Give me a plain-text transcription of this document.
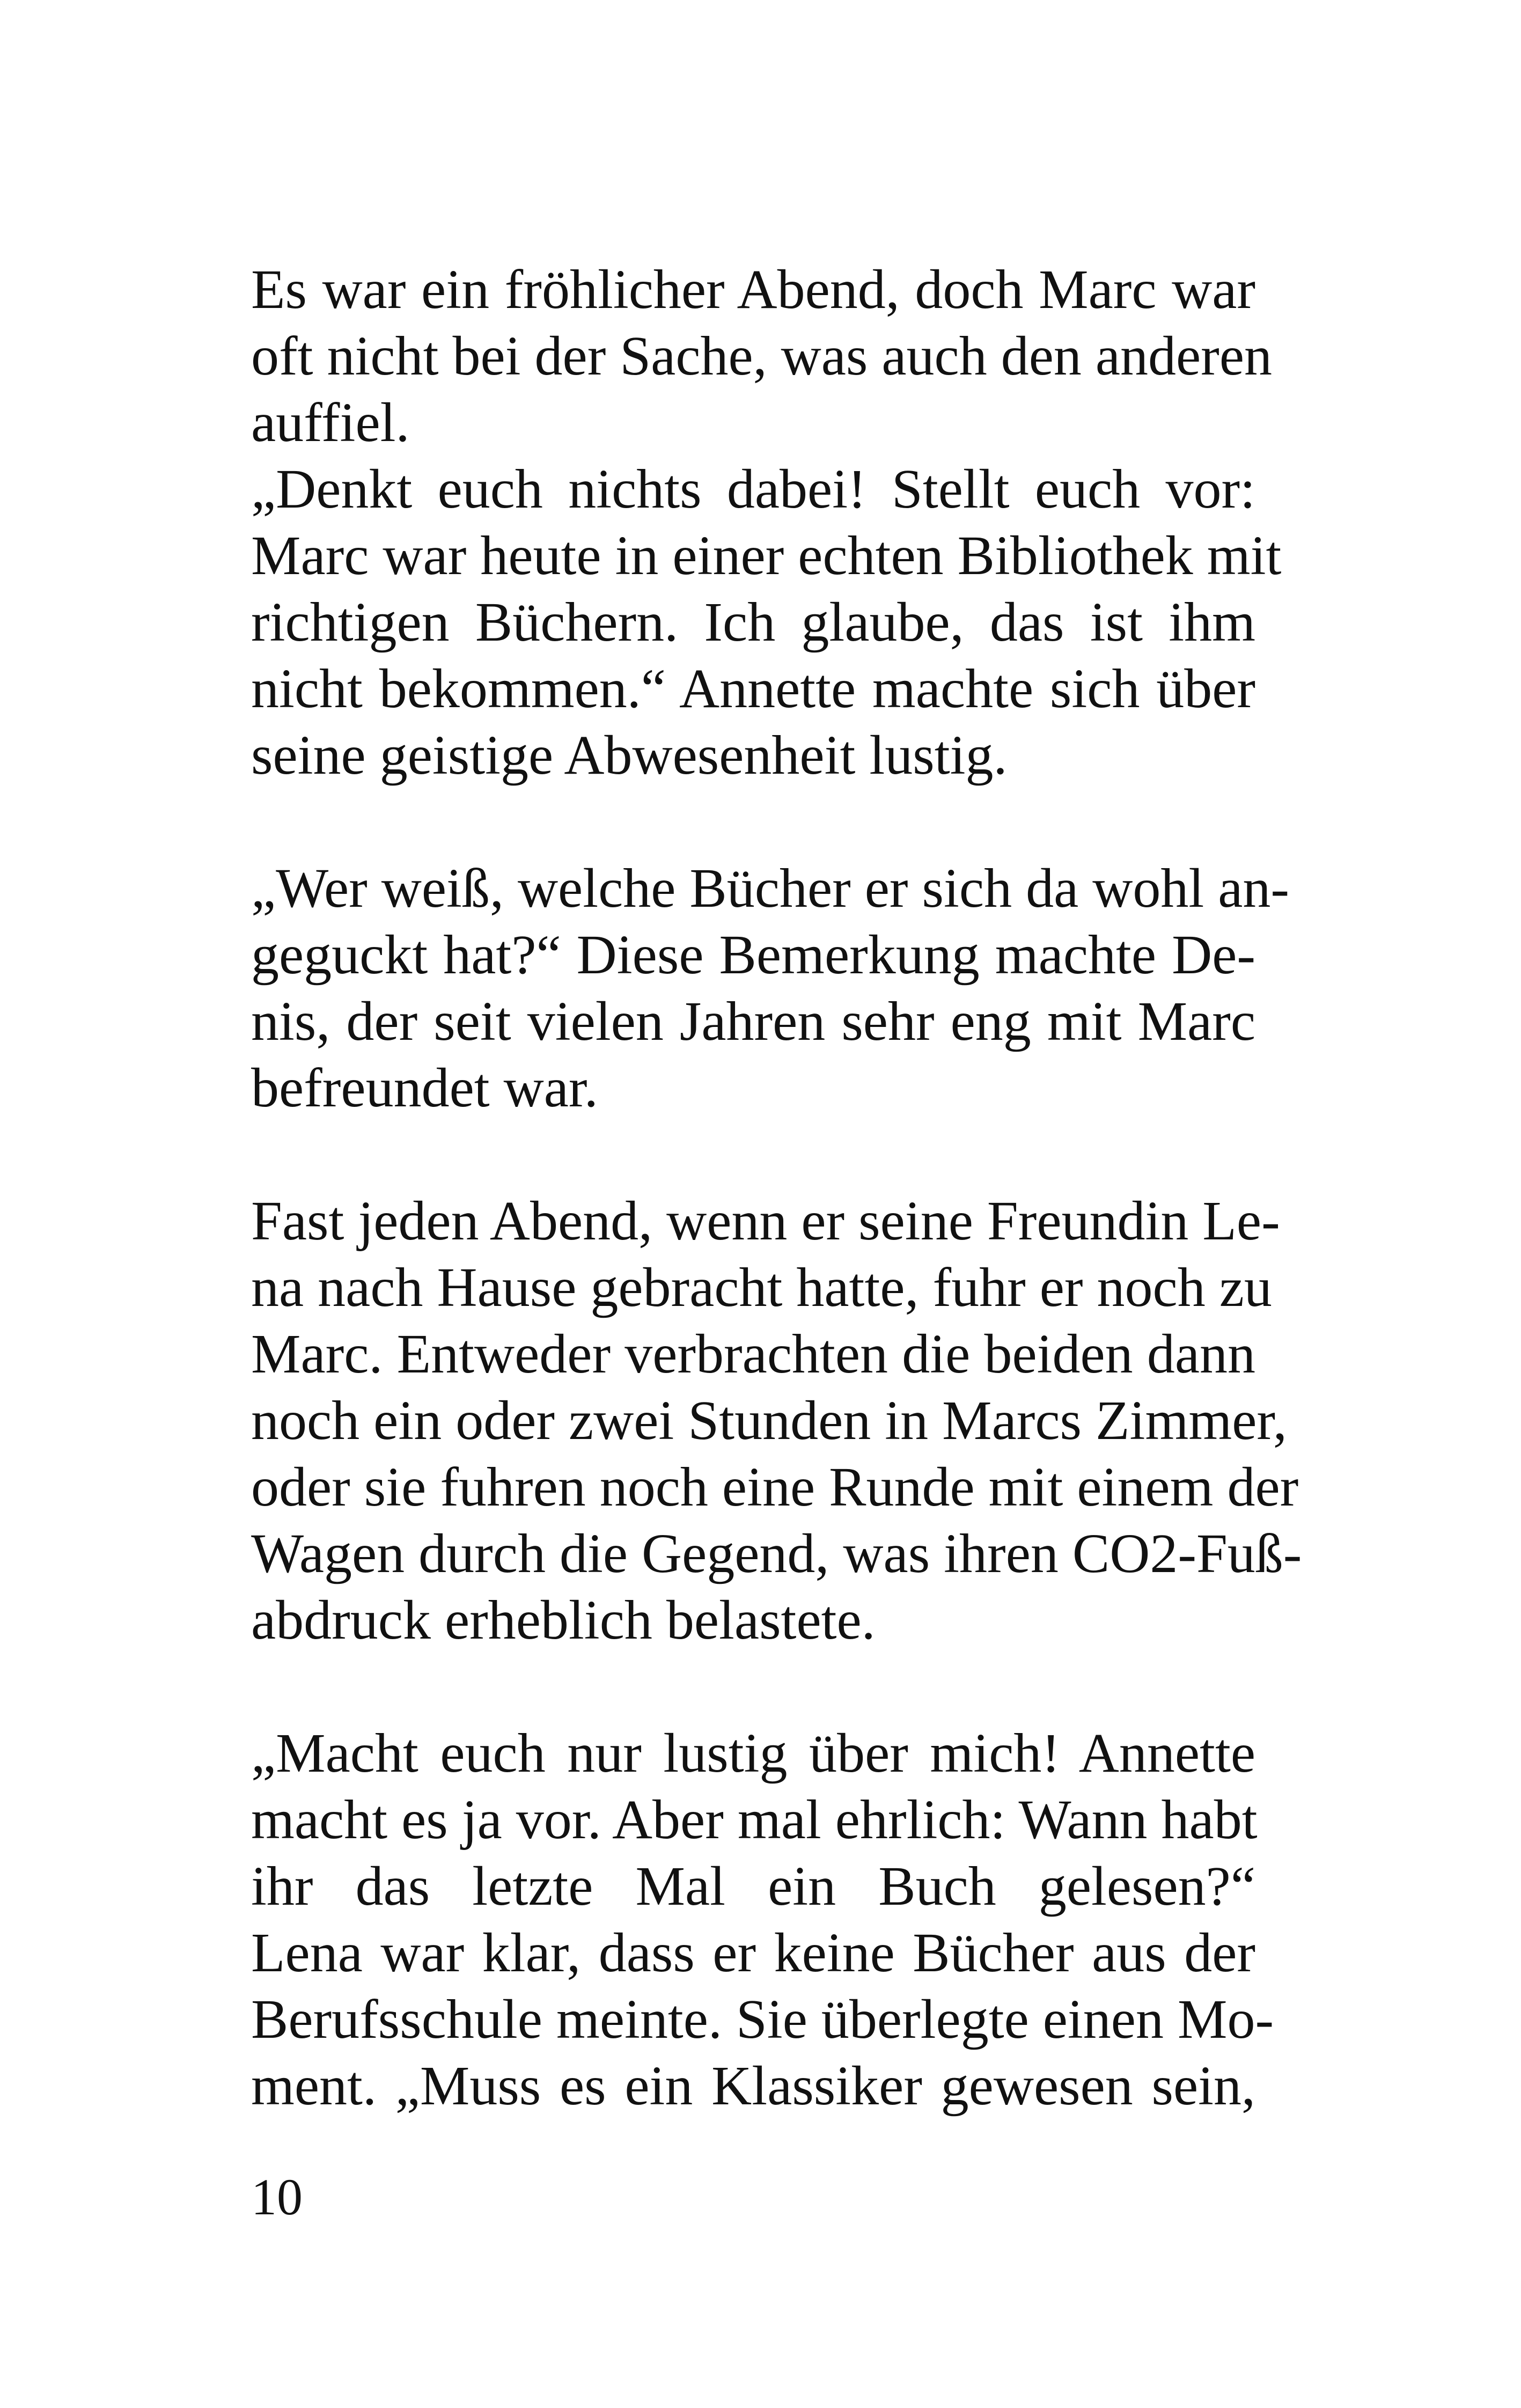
Es war ein fröhlicher Abend, doch Marc war
oft nicht bei der Sache, was auch den anderen
auffiel.
„Denkt euch nichts dabei! Stellt euch vor:
Marc war heute in einer echten Bibliothek mit
richtigen Büchern. Ich glaube, das ist ihm
nicht bekommen.“ Annette machte sich über
seine geistige Abwesenheit lustig.

„Wer weiß, welche Bücher er sich da wohl an-
geguckt hat?“ Diese Bemerkung machte De-
nis, der seit vielen Jahren sehr eng mit Marc
befreundet war.

Fast jeden Abend, wenn er seine Freundin Le-
na nach Hause gebracht hatte, fuhr er noch zu
Marc. Entweder verbrachten die beiden dann
noch ein oder zwei Stunden in Marcs Zimmer,
oder sie fuhren noch eine Runde mit einem der
Wagen durch die Gegend, was ihren CO2-Fuß-
abdruck erheblich belastete.

„Macht euch nur lustig über mich! Annette
macht es ja vor. Aber mal ehrlich: Wann habt
ihr das letzte Mal ein Buch gelesen?“
Lena war klar, dass er keine Bücher aus der
Berufsschule meinte. Sie überlegte einen Mo-
ment. „Muss es ein Klassiker gewesen sein,

10
